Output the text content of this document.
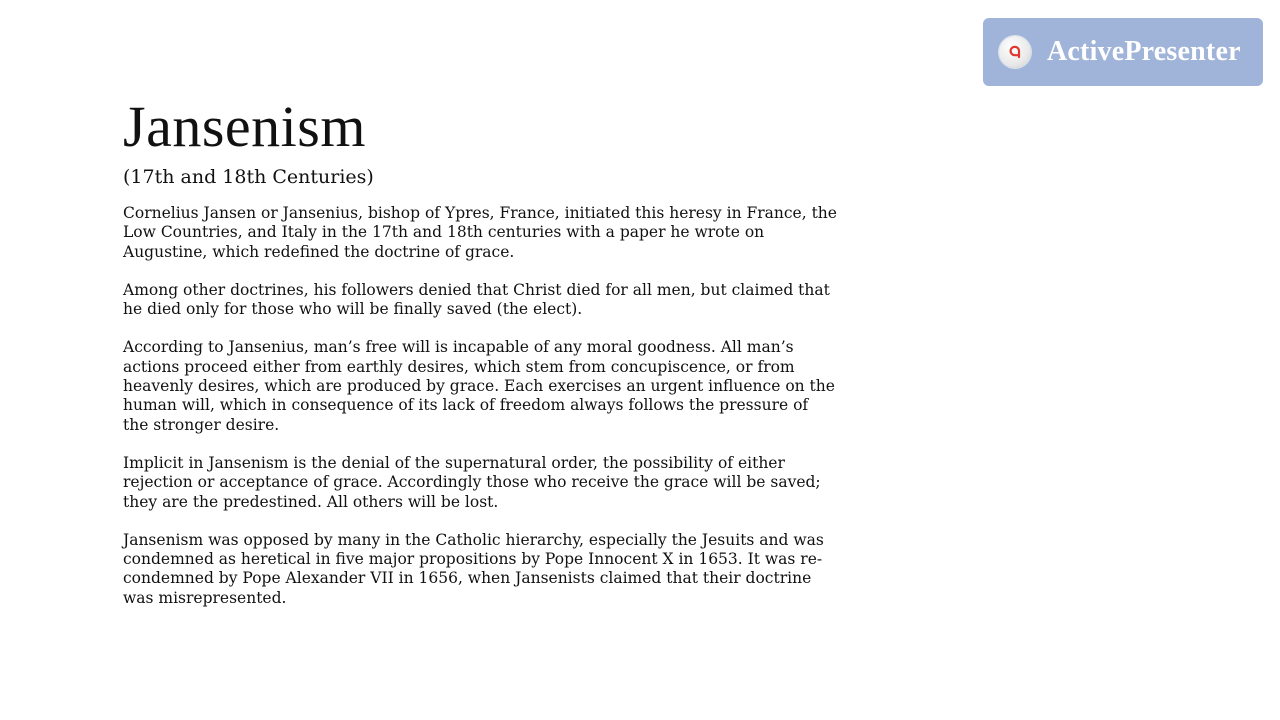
Jansenism
(17th and 18th Centuries)

Cornelius Jansen or Jansenius, bishop of Ypres, France, initiated this heresy in France, the Low Countries, and Italy in the 17th and 18th centuries with a paper he wrote on Augustine, which redefined the doctrine of grace.

Among other doctrines, his followers denied that Christ died for all men, but claimed that he died only for those who will be finally saved (the elect).

According to Jansenius, man’s free will is incapable of any moral goodness. All man’s actions proceed either from earthly desires, which stem from concupiscence, or from heavenly desires, which are produced by grace. Each exercises an urgent influence on the human will, which in consequence of its lack of freedom always follows the pressure of the stronger desire.

Implicit in Jansenism is the denial of the supernatural order, the possibility of either rejection or acceptance of grace. Accordingly those who receive the grace will be saved; they are the predestined. All others will be lost.

Jansenism was opposed by many in the Catholic hierarchy, especially the Jesuits and was condemned as heretical in five major propositions by Pope Innocent X in 1653. It was re-condemned by Pope Alexander VII in 1656, when Jansenists claimed that their doctrine was misrepresented.

ActivePresenter
